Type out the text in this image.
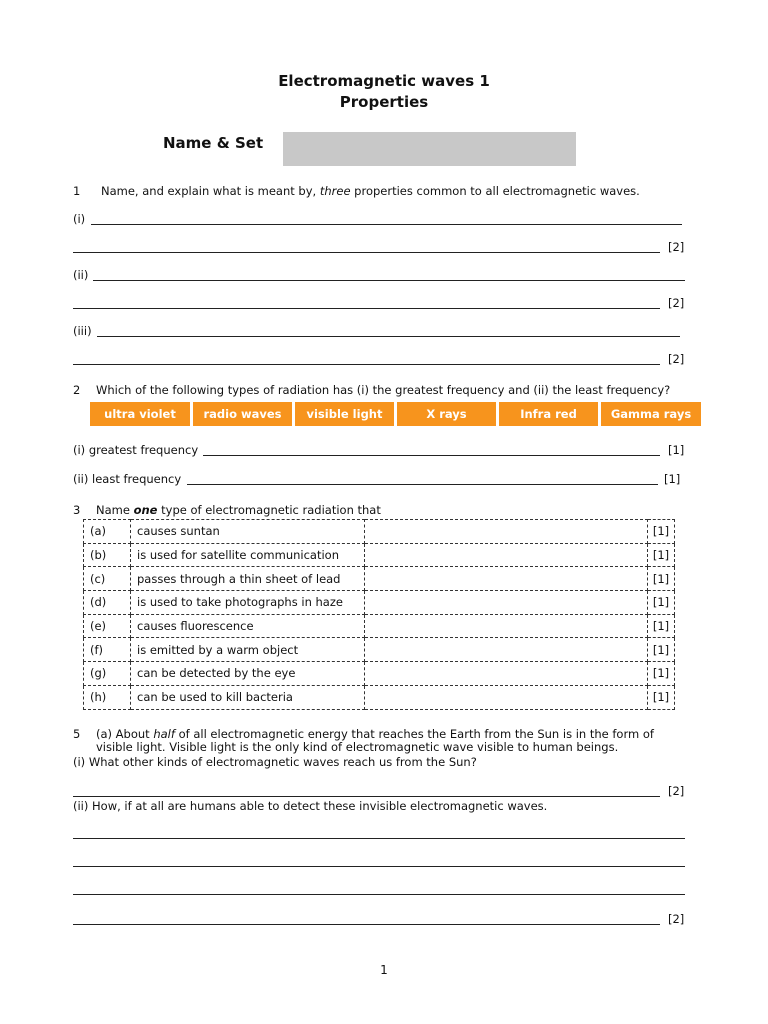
Electromagnetic waves 1
Properties
Name & Set
1 Name, and explain what is meant by, three properties common to all electromagnetic waves.
(i)
[2]
(ii)
[2]
(iii)
[2]
2 Which of the following types of radiation has (i) the greatest frequency and (ii) the least frequency?
ultra violet	radio waves	visible light	X rays	Infra red	Gamma rays
(i) greatest frequency	[1]
(ii) least frequency	[1]
3 Name one type of electromagnetic radiation that
(a)	causes suntan		[1]
(b)	is used for satellite communication		[1]
(c)	passes through a thin sheet of lead		[1]
(d)	is used to take photographs in haze		[1]
(e)	causes fluorescence		[1]
(f)	is emitted by a warm object		[1]
(g)	can be detected by the eye		[1]
(h)	can be used to kill bacteria		[1]
5 (a) About half of all electromagnetic energy that reaches the Earth from the Sun is in the form of
visible light. Visible light is the only kind of electromagnetic wave visible to human beings.
(i) What other kinds of electromagnetic waves reach us from the Sun?
[2]
(ii) How, if at all are humans able to detect these invisible electromagnetic waves.
[2]
1
